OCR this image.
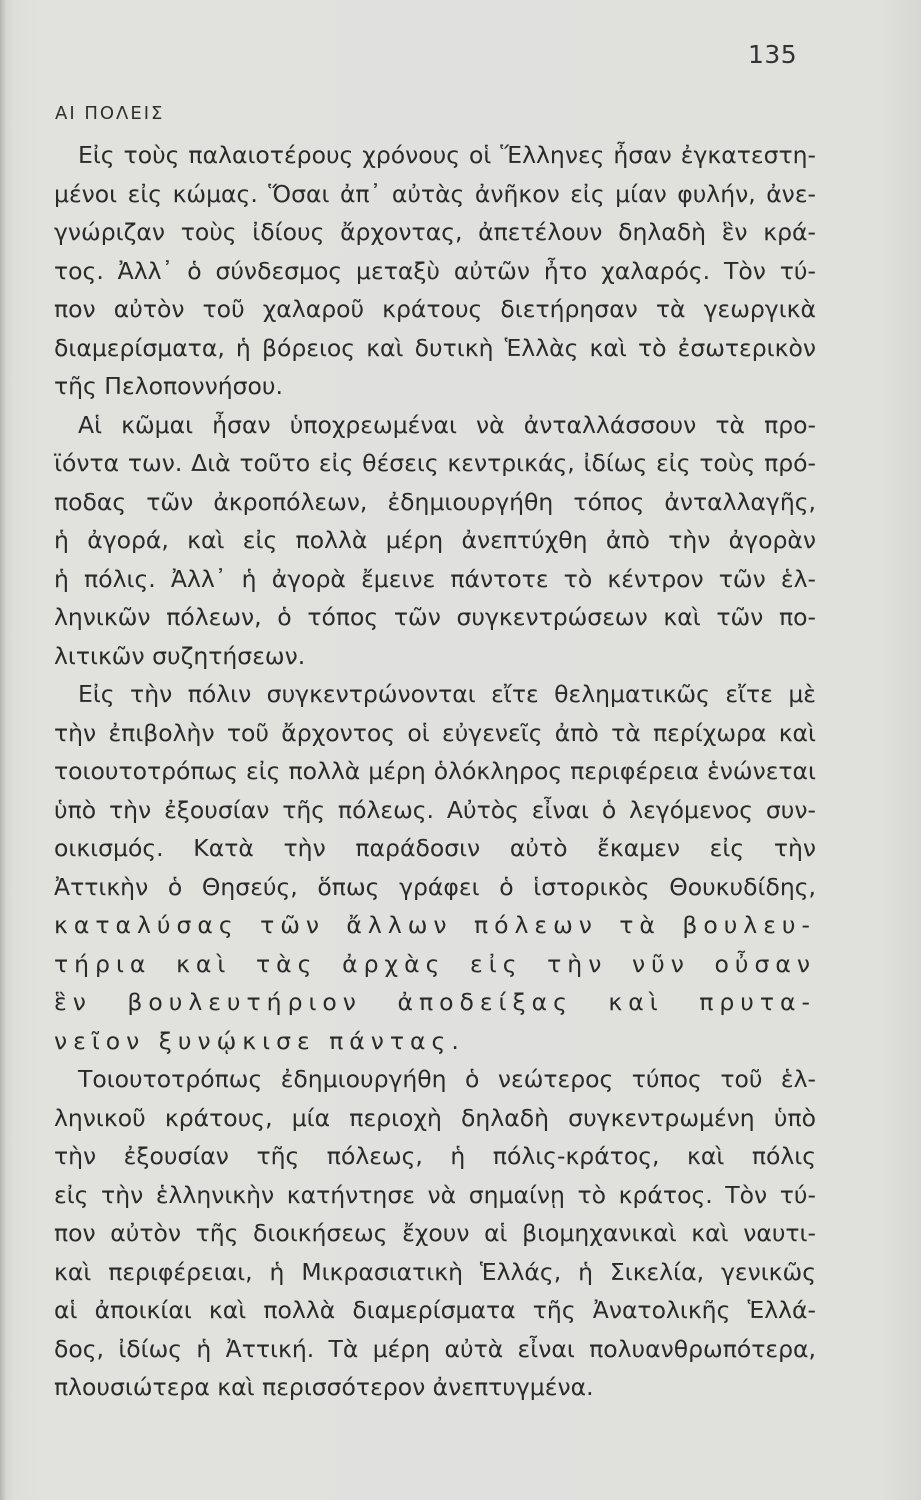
135
ΑΙ ΠΟΛΕΙΣ
Εἰς τοὺς παλαιοτέρους χρόνους οἱ Ἕλληνες ἦσαν ἐγκατεστη-
μένοι εἰς κώμας. Ὅσαι ἀπ᾿ αὐτὰς ἀνῆκον εἰς μίαν φυλήν, ἀνε-
γνώριζαν τοὺς ἰδίους ἄρχοντας, ἀπετέλουν δηλαδὴ ἓν κρά-
τος. Ἀλλ᾿ ὁ σύνδεσμος μεταξὺ αὐτῶν ἦτο χαλαρός. Τὸν τύ-
πον αὐτὸν τοῦ χαλαροῦ κράτους διετήρησαν τὰ γεωργικὰ
διαμερίσματα, ἡ βόρειος καὶ δυτικὴ Ἑλλὰς καὶ τὸ ἐσωτερικὸν
τῆς Πελοποννήσου.
Αἱ κῶμαι ἦσαν ὑποχρεωμέναι νὰ ἀνταλλάσσουν τὰ προ-
ϊόντα των. Διὰ τοῦτο εἰς θέσεις κεντρικάς, ἰδίως εἰς τοὺς πρό-
ποδας τῶν ἀκροπόλεων, ἐδημιουργήθη τόπος ἀνταλλαγῆς,
ἡ ἀγορά, καὶ εἰς πολλὰ μέρη ἀνεπτύχθη ἀπὸ τὴν ἀγορὰν
ἡ πόλις. Ἀλλ᾿ ἡ ἀγορὰ ἔμεινε πάντοτε τὸ κέντρον τῶν ἑλ-
ληνικῶν πόλεων, ὁ τόπος τῶν συγκεντρώσεων καὶ τῶν πο-
λιτικῶν συζητήσεων.
Εἰς τὴν πόλιν συγκεντρώνονται εἴτε θεληματικῶς εἴτε μὲ
τὴν ἐπιβολὴν τοῦ ἄρχοντος οἱ εὐγενεῖς ἀπὸ τὰ περίχωρα καὶ
τοιουτοτρόπως εἰς πολλὰ μέρη ὁλόκληρος περιφέρεια ἑνώνεται
ὑπὸ τὴν ἐξουσίαν τῆς πόλεως. Αὐτὸς εἶναι ὁ λεγόμενος συν-
οικισμός. Κατὰ τὴν παράδοσιν αὐτὸ ἔκαμεν εἰς τὴν
Ἀττικὴν ὁ Θησεύς, ὅπως γράφει ὁ ἱστορικὸς Θουκυδίδης,
καταλύσας τῶν ἄλλων πόλεων τὰ βουλευ-
τήρια καὶ τὰς ἀρχὰς εἰς τὴν νῦν οὖσαν
ἓν βουλευτήριον ἀποδείξας καὶ πρυτα-
νεῖον ξυνῴκισε πάντας.
Τοιουτοτρόπως ἐδημιουργήθη ὁ νεώτερος τύπος τοῦ ἑλ-
ληνικοῦ κράτους, μία περιοχὴ δηλαδὴ συγκεντρωμένη ὑπὸ
τὴν ἐξουσίαν τῆς πόλεως, ἡ πόλις-κράτος, καὶ πόλις
εἰς τὴν ἑλληνικὴν κατήντησε νὰ σημαίνῃ τὸ κράτος. Τὸν τύ-
πον αὐτὸν τῆς διοικήσεως ἔχουν αἱ βιομηχανικαὶ καὶ ναυτι-
καὶ περιφέρειαι, ἡ Μικρασιατικὴ Ἑλλάς, ἡ Σικελία, γενικῶς
αἱ ἀποικίαι καὶ πολλὰ διαμερίσματα τῆς Ἀνατολικῆς Ἑλλά-
δος, ἰδίως ἡ Ἀττική. Τὰ μέρη αὐτὰ εἶναι πολυανθρωπότερα,
πλουσιώτερα καὶ περισσότερον ἀνεπτυγμένα.
